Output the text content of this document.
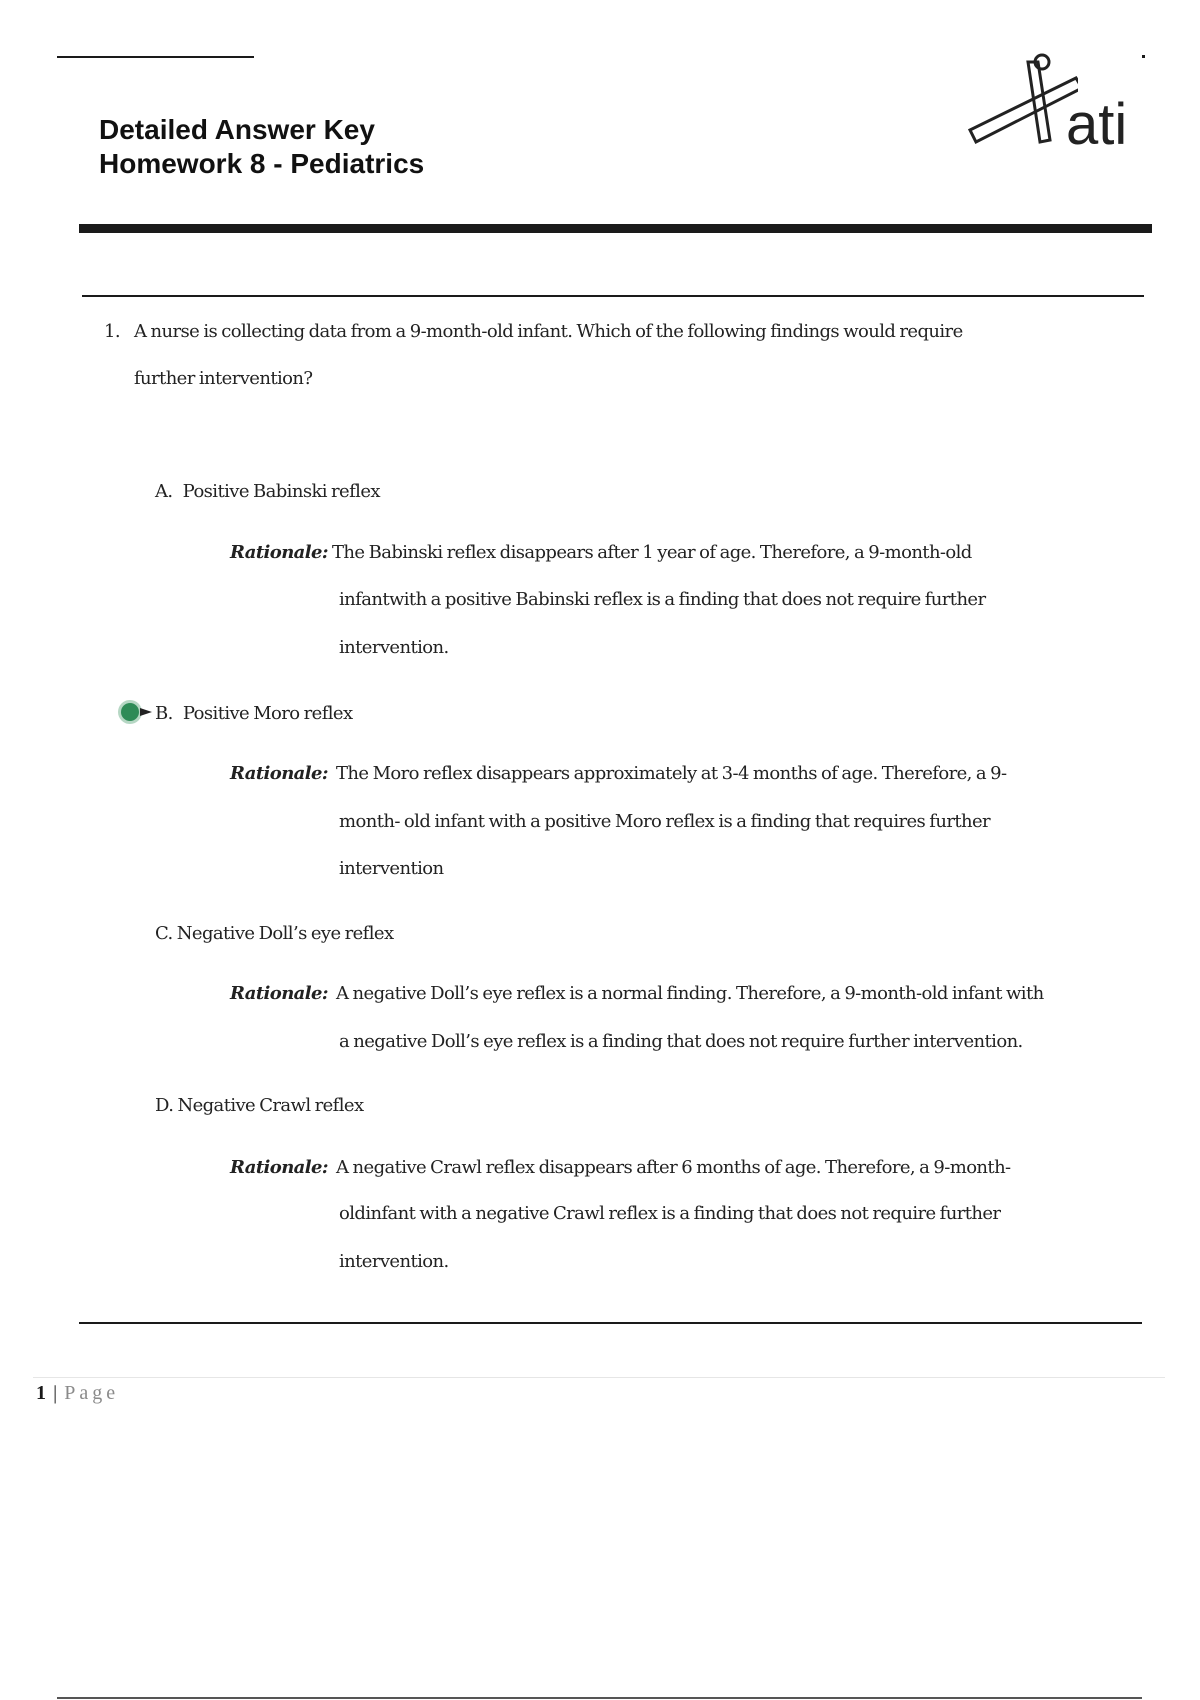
Detailed Answer Key
Homework 8 - Pediatrics
ati
1. A nurse is collecting data from a 9-month-old infant. Which of the following findings would require
further intervention?
A. Positive Babinski reflex
Rationale: The Babinski reflex disappears after 1 year of age. Therefore, a 9-month-old
infantwith a positive Babinski reflex is a finding that does not require further
intervention.
B. Positive Moro reflex
Rationale: The Moro reflex disappears approximately at 3-4 months of age. Therefore, a 9-
month- old infant with a positive Moro reflex is a finding that requires further
intervention
C. Negative Doll’s eye reflex
Rationale: A negative Doll’s eye reflex is a normal finding. Therefore, a 9-month-old infant with
a negative Doll’s eye reflex is a finding that does not require further intervention.
D. Negative Crawl reflex
Rationale: A negative Crawl reflex disappears after 6 months of age. Therefore, a 9-month-
oldinfant with a negative Crawl reflex is a finding that does not require further
intervention.
1 | Page
